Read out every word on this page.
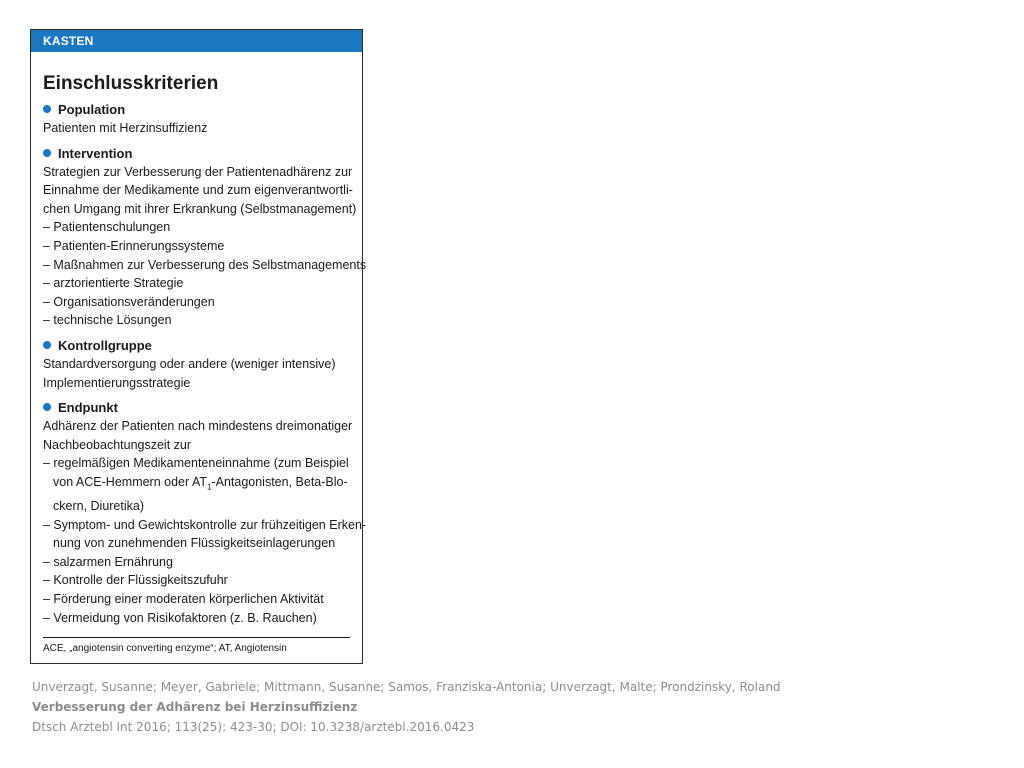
KASTEN
Einschlusskriterien
Population
Patienten mit Herzinsuffizienz
Intervention
Strategien zur Verbesserung der Patientenadhärenz zur
Einnahme der Medikamente und zum eigenverantwortli-
chen Umgang mit ihrer Erkrankung (Selbstmanagement)
– Patientenschulungen
– Patienten-Erinnerungssysteme
– Maßnahmen zur Verbesserung des Selbstmanagements
– arztorientierte Strategie
– Organisationsveränderungen
– technische Lösungen
Kontrollgruppe
Standardversorgung oder andere (weniger intensive)
Implementierungsstrategie
Endpunkt
Adhärenz der Patienten nach mindestens dreimonatiger
Nachbeobachtungszeit zur
– regelmäßigen Medikamenteneinnahme (zum Beispiel
von ACE-Hemmern oder $AT_1$-Antagonisten, Beta-Blo-
ckern, Diuretika)
– Symptom- und Gewichtskontrolle zur frühzeitigen Erken-
nung von zunehmenden Flüssigkeitseinlagerungen
– salzarmen Ernährung
– Kontrolle der Flüssigkeitszufuhr
– Förderung einer moderaten körperlichen Aktivität
– Vermeidung von Risikofaktoren (z. B. Rauchen)
ACE, „angiotensin converting enzyme“; AT, Angiotensin
Unverzagt, Susanne; Meyer, Gabriele; Mittmann, Susanne; Samos, Franziska-Antonia; Unverzagt, Malte; Prondzinsky, Roland
Verbesserung der Adhärenz bei Herzinsuffizienz
Dtsch Arztebl Int 2016; 113(25): 423-30; DOI: 10.3238/arztebl.2016.0423
